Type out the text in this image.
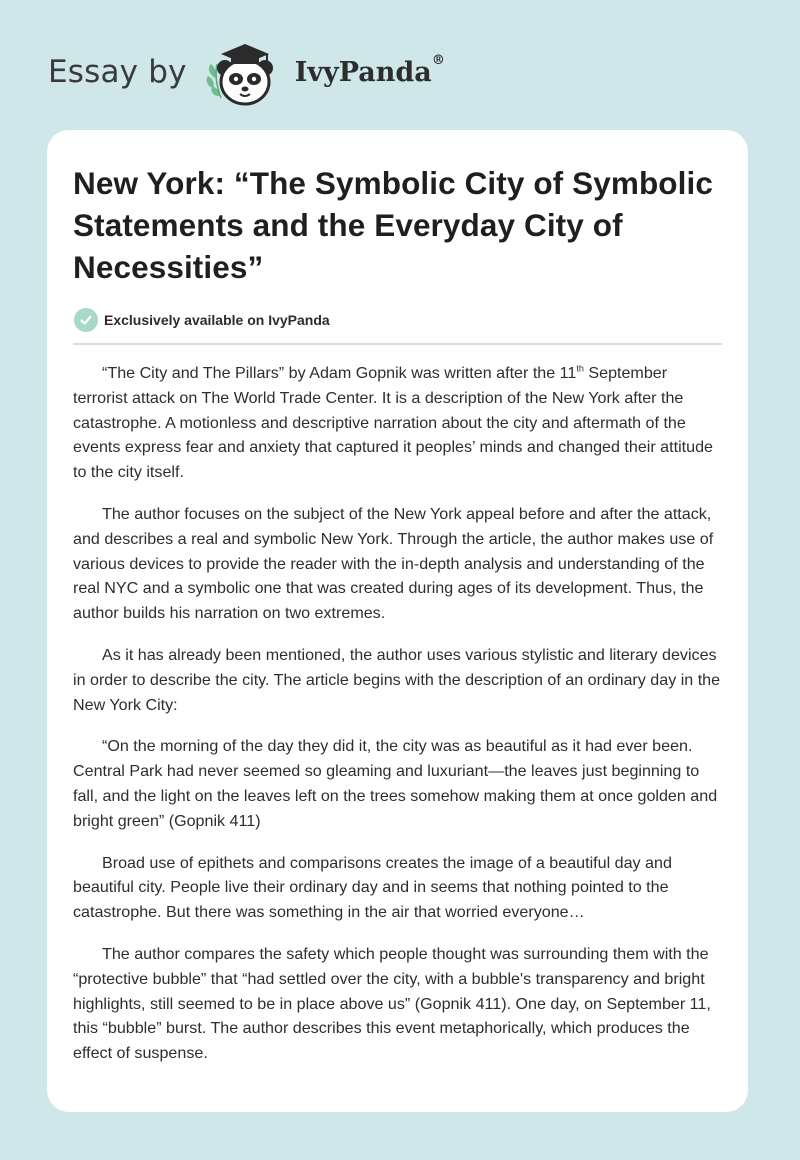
Essay by	IvyPanda®
New York: “The Symbolic City of Symbolic Statements and the Everyday City of Necessities”
Exclusively available on IvyPanda

“The City and The Pillars” by Adam Gopnik was written after the 11th September terrorist attack on The World Trade Center. It is a description of the New York after the catastrophe. A motionless and descriptive narration about the city and aftermath of the events express fear and anxiety that captured it peoples’ minds and changed their attitude to the city itself.

The author focuses on the subject of the New York appeal before and after the attack, and describes a real and symbolic New York. Through the article, the author makes use of various devices to provide the reader with the in-depth analysis and understanding of the real NYC and a symbolic one that was created during ages of its development. Thus, the author builds his narration on two extremes.

As it has already been mentioned, the author uses various stylistic and literary devices in order to describe the city. The article begins with the description of an ordinary day in the New York City:

“On the morning of the day they did it, the city was as beautiful as it had ever been. Central Park had never seemed so gleaming and luxuriant—the leaves just beginning to fall, and the light on the leaves left on the trees somehow making them at once golden and bright green” (Gopnik 411)

Broad use of epithets and comparisons creates the image of a beautiful day and beautiful city. People live their ordinary day and in seems that nothing pointed to the catastrophe. But there was something in the air that worried everyone…

The author compares the safety which people thought was surrounding them with the “protective bubble” that “had settled over the city, with a bubble's transparency and bright highlights, still seemed to be in place above us” (Gopnik 411). One day, on September 11, this “bubble” burst. The author describes this event metaphorically, which produces the effect of suspense.
